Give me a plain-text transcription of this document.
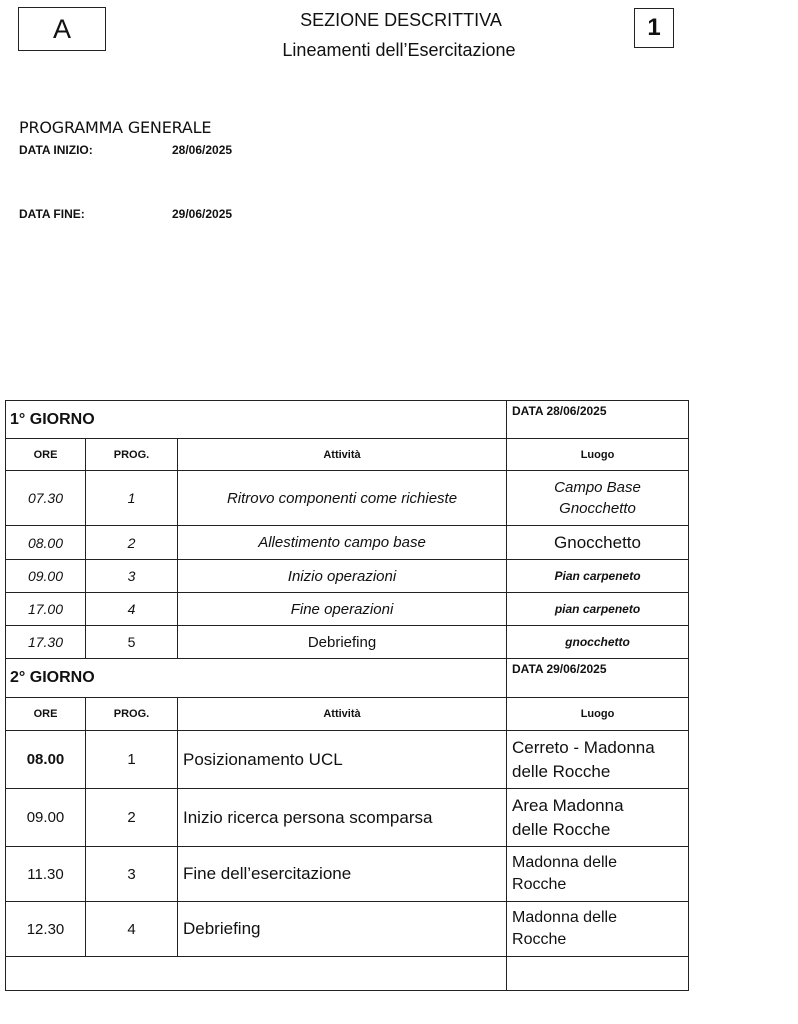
A	SEZIONE DESCRITTIVA
Lineamenti dell’Esercitazione
1
PROGRAMMA GENERALE
DATA INIZIO:	28/06/2025
DATA FINE:	29/06/2025
1° GIORNO			DATA 28/06/2025
ORE	PROG.	Attività	Luogo
07.30	1	Ritrovo componenti come richieste	Campo Base
Gnocchetto

08.00	2	Allestimento campo base	Gnocchetto
09.00	3	Inizio operazioni	Pian carpeneto
17.00	4	Fine operazioni	pian carpeneto
17.30	5	Debriefing	gnocchetto
2° GIORNO			DATA 29/06/2025
ORE	PROG.	Attività	Luogo
08.00	1	Posizionamento UCL	Cerreto - Madonna
delle Rocche

09.00	2	Inizio ricerca persona scomparsa	Area Madonna
delle Rocche

11.30	3	Fine dell’esercitazione	Madonna delle
Rocche

12.30	4	Debriefing	Madonna delle
Rocche
